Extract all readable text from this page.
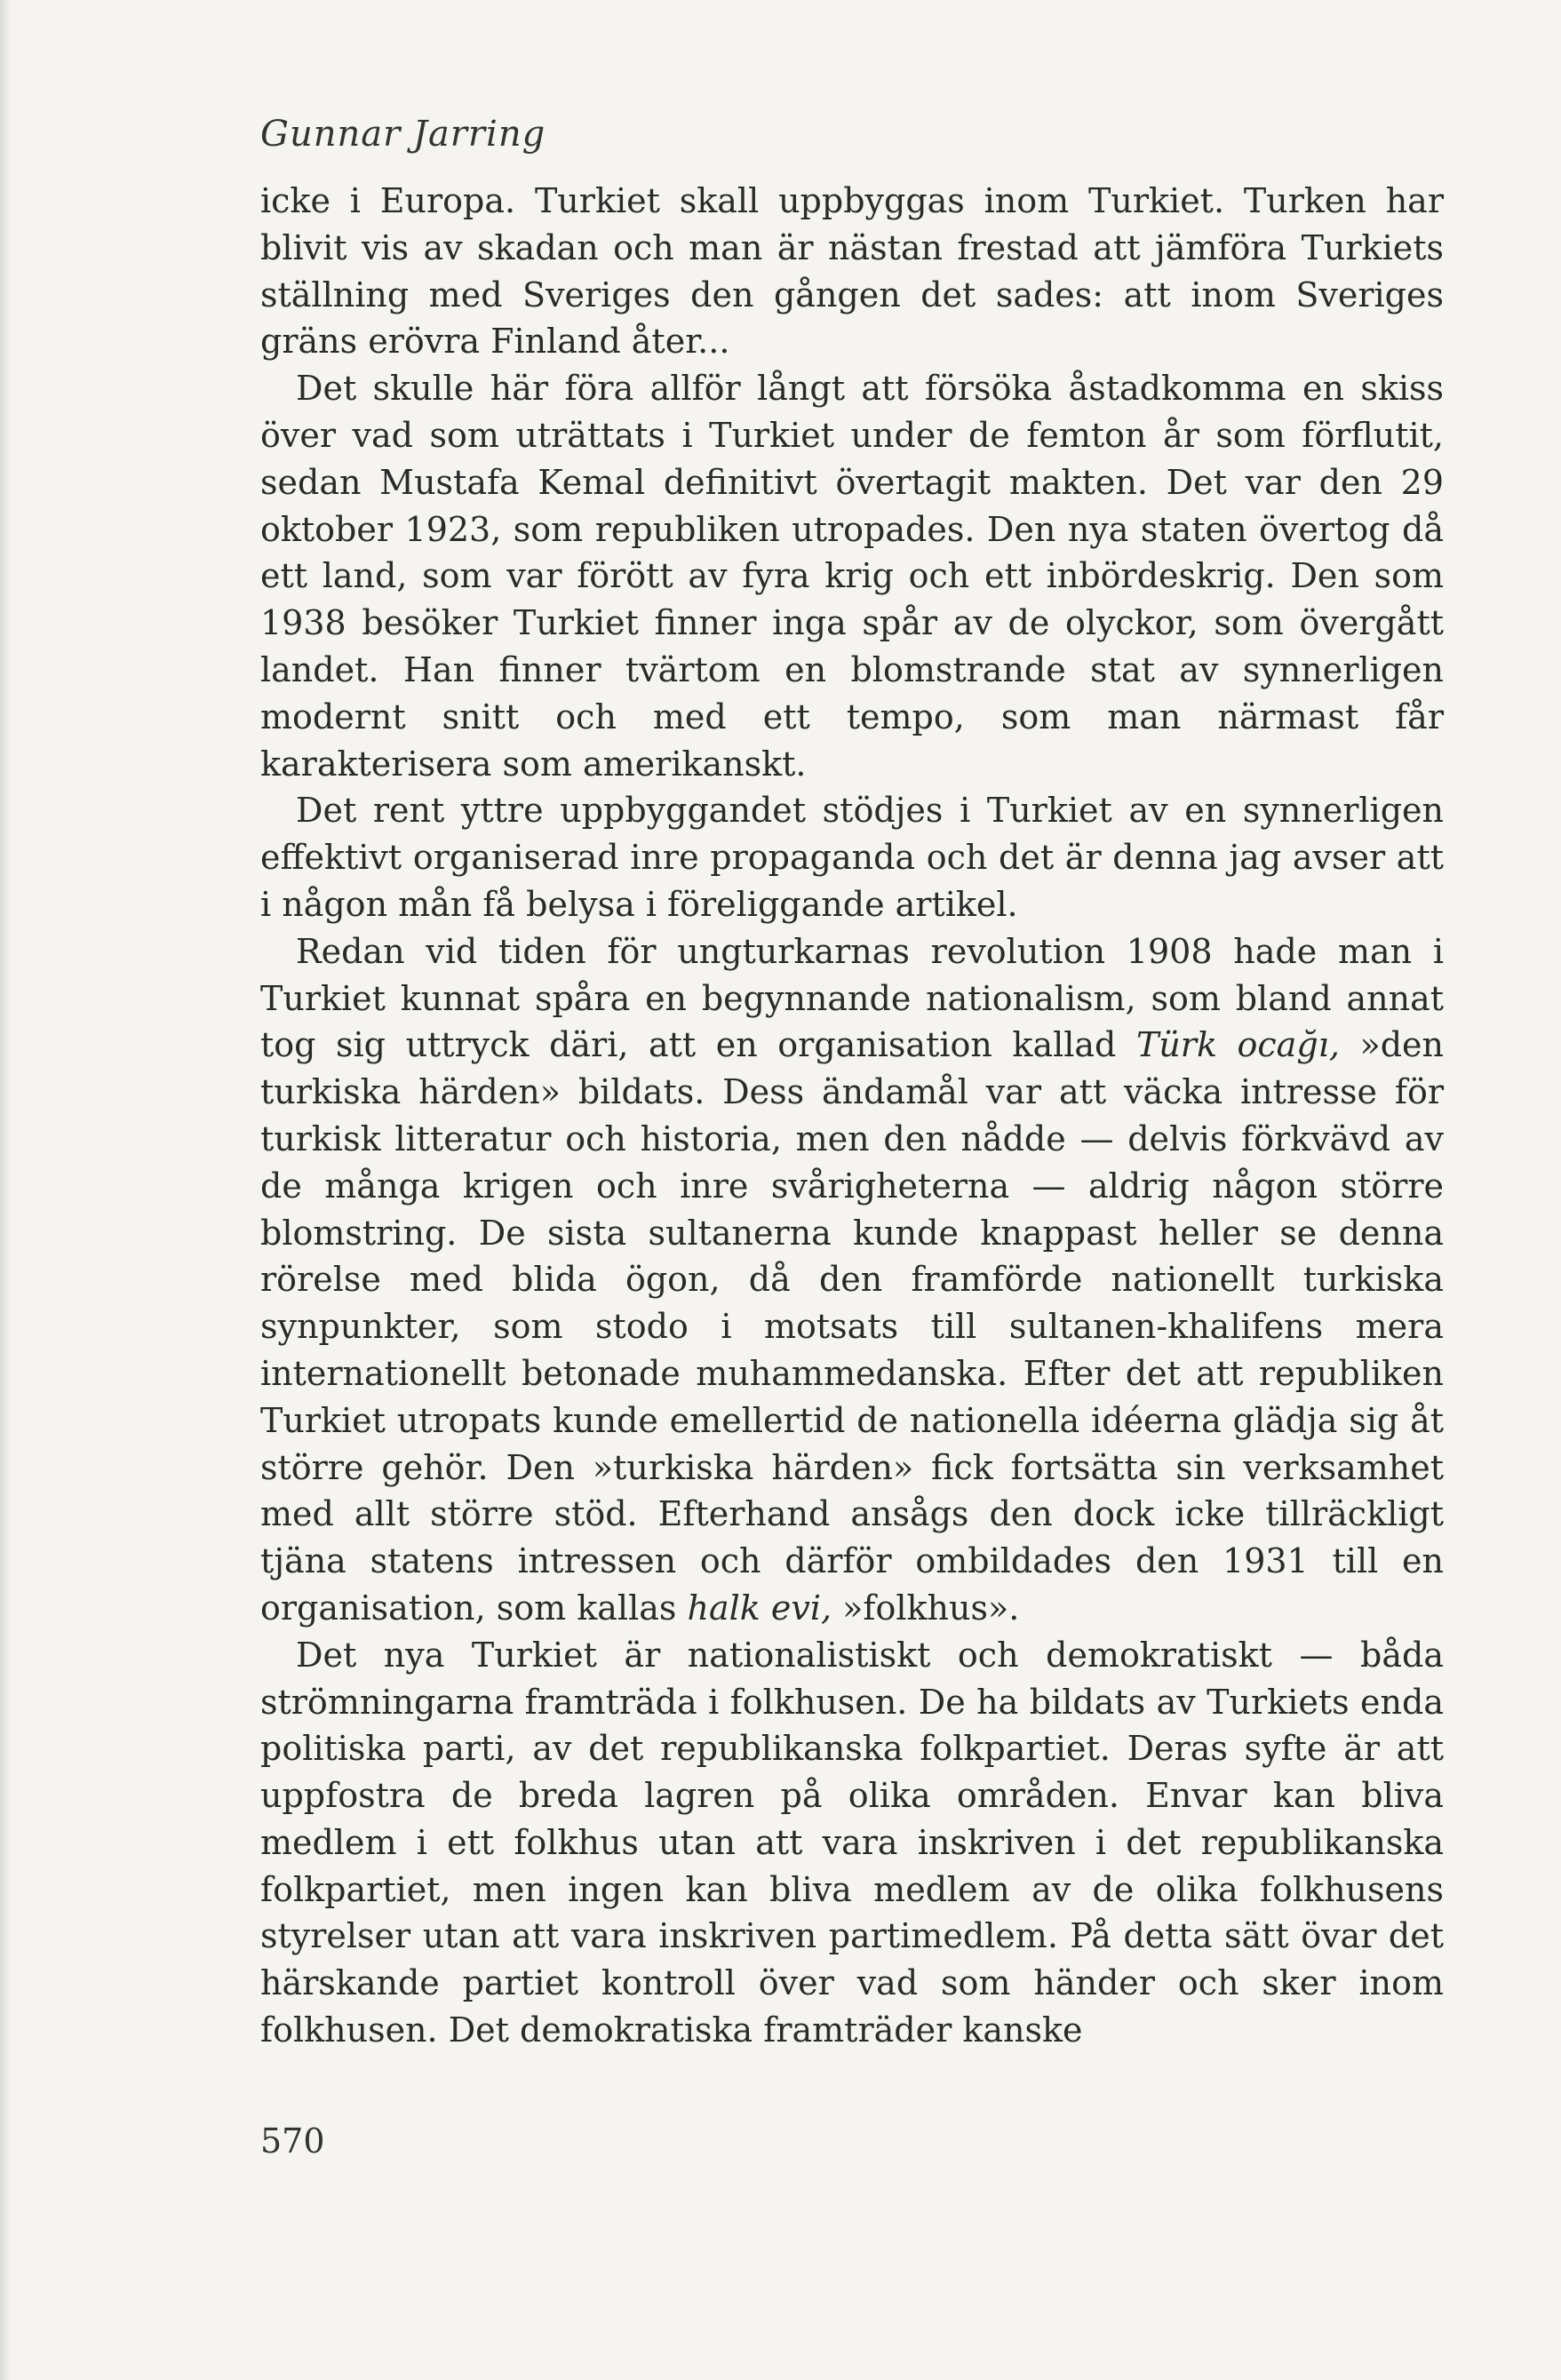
Gunnar Jarring

icke i Europa. Turkiet skall uppbyggas inom Turkiet. Turken har blivit vis av skadan och man är nästan frestad att jämföra Turkiets ställning med Sveriges den gången det sades: att inom Sveriges gräns erövra Finland åter...

Det skulle här föra allför långt att försöka åstadkomma en skiss över vad som uträttats i Turkiet under de femton år som förflutit, sedan Mustafa Kemal definitivt övertagit makten. Det var den 29 oktober 1923, som republiken utropades. Den nya staten övertog då ett land, som var förött av fyra krig och ett inbördeskrig. Den som 1938 besöker Turkiet finner inga spår av de olyckor, som övergått landet. Han finner tvärtom en blomstrande stat av synnerligen modernt snitt och med ett tempo, som man närmast får karakterisera som amerikanskt.

Det rent yttre uppbyggandet stödjes i Turkiet av en synnerligen effektivt organiserad inre propaganda och det är denna jag avser att i någon mån få belysa i föreliggande artikel.

Redan vid tiden för ungturkarnas revolution 1908 hade man i Turkiet kunnat spåra en begynnande nationalism, som bland annat tog sig uttryck däri, att en organisation kallad Türk ocağı, »den turkiska härden» bildats. Dess ändamål var att väcka intresse för turkisk litteratur och historia, men den nådde — delvis förkvävd av de många krigen och inre svårigheterna — aldrig någon större blomstring. De sista sultanerna kunde knappast heller se denna rörelse med blida ögon, då den framförde nationellt turkiska synpunkter, som stodo i motsats till sultanen-khalifens mera internationellt betonade muhammedanska. Efter det att republiken Turkiet utropats kunde emellertid de nationella idéerna glädja sig åt större gehör. Den »turkiska härden» fick fortsätta sin verksamhet med allt större stöd. Efterhand ansågs den dock icke tillräckligt tjäna statens intressen och därför ombildades den 1931 till en organisation, som kallas halk evi, »folkhus».

Det nya Turkiet är nationalistiskt och demokratiskt — båda strömningarna framträda i folkhusen. De ha bildats av Turkiets enda politiska parti, av det republikanska folkpartiet. Deras syfte är att uppfostra de breda lagren på olika områden. Envar kan bliva medlem i ett folkhus utan att vara inskriven i det republikanska folkpartiet, men ingen kan bliva medlem av de olika folkhusens styrelser utan att vara inskriven partimedlem. På detta sätt övar det härskande partiet kontroll över vad som händer och sker inom folkhusen. Det demokratiska framträder kanske

570
